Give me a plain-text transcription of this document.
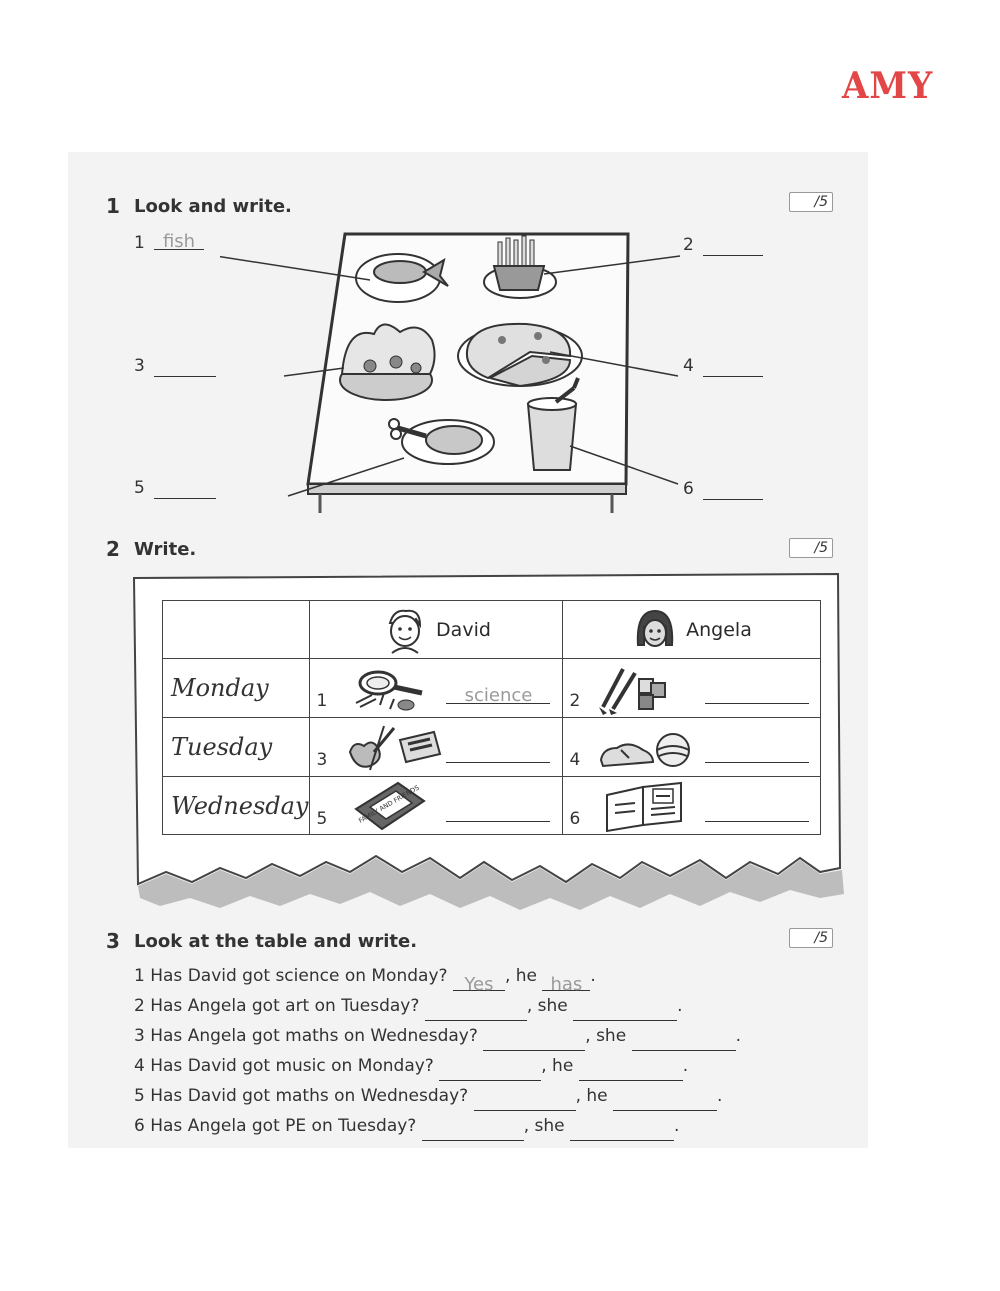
AMY
1 Look and write.	/5
1	fish	2
3	4
5	6
2 Write.	/5

	David	Angela

Monday	1 science	2

Tuesday	3	4

Wednesday	5 FAMILY AND FRIENDS	6
3 Look at the table and write.	/5
1 Has David got science on Monday? Yes , he has .
2 Has Angela got art on Tuesday?	, she	.
3 Has Angela got maths on Wednesday?	, she	.
4 Has David got music on Monday?	, he	.
5 Has David got maths on Wednesday?	, he	.
6 Has Angela got PE on Tuesday?	, she	.
